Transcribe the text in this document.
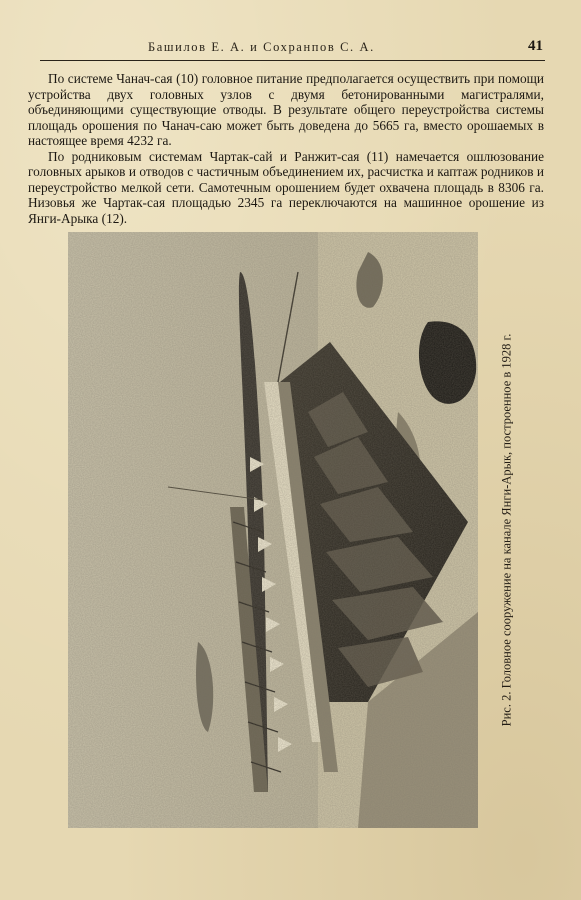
Башилов Е. А. и Сохранпов С. А.	41

По системе Чанач-сая (10) головное питание предполагается осуществить при помощи устройства двух головных узлов с двумя бетонированными магистралями, объединяющими существующие отводы. В результате общего переустройства системы площадь орошения по Чанач-саю может быть доведена до 5665 га, вместо орошаемых в настоящее время 4232 га.

По родниковым системам Чартак-сай и Ранжит-сая (11) намечается ошлюзование головных арыков и отводов с частичным объединением их, расчистка и каптаж родников и переустройство мелкой сети. Самотечным орошением будет охвачена площадь в 8306 га. Низовья же Чартак-сая площадью 2345 га переключаются на машинное орошение из Янги-Арыка (12).

Рис. 2. Головное сооружение на канале Янги-Арык, построенное в 1928 г.
